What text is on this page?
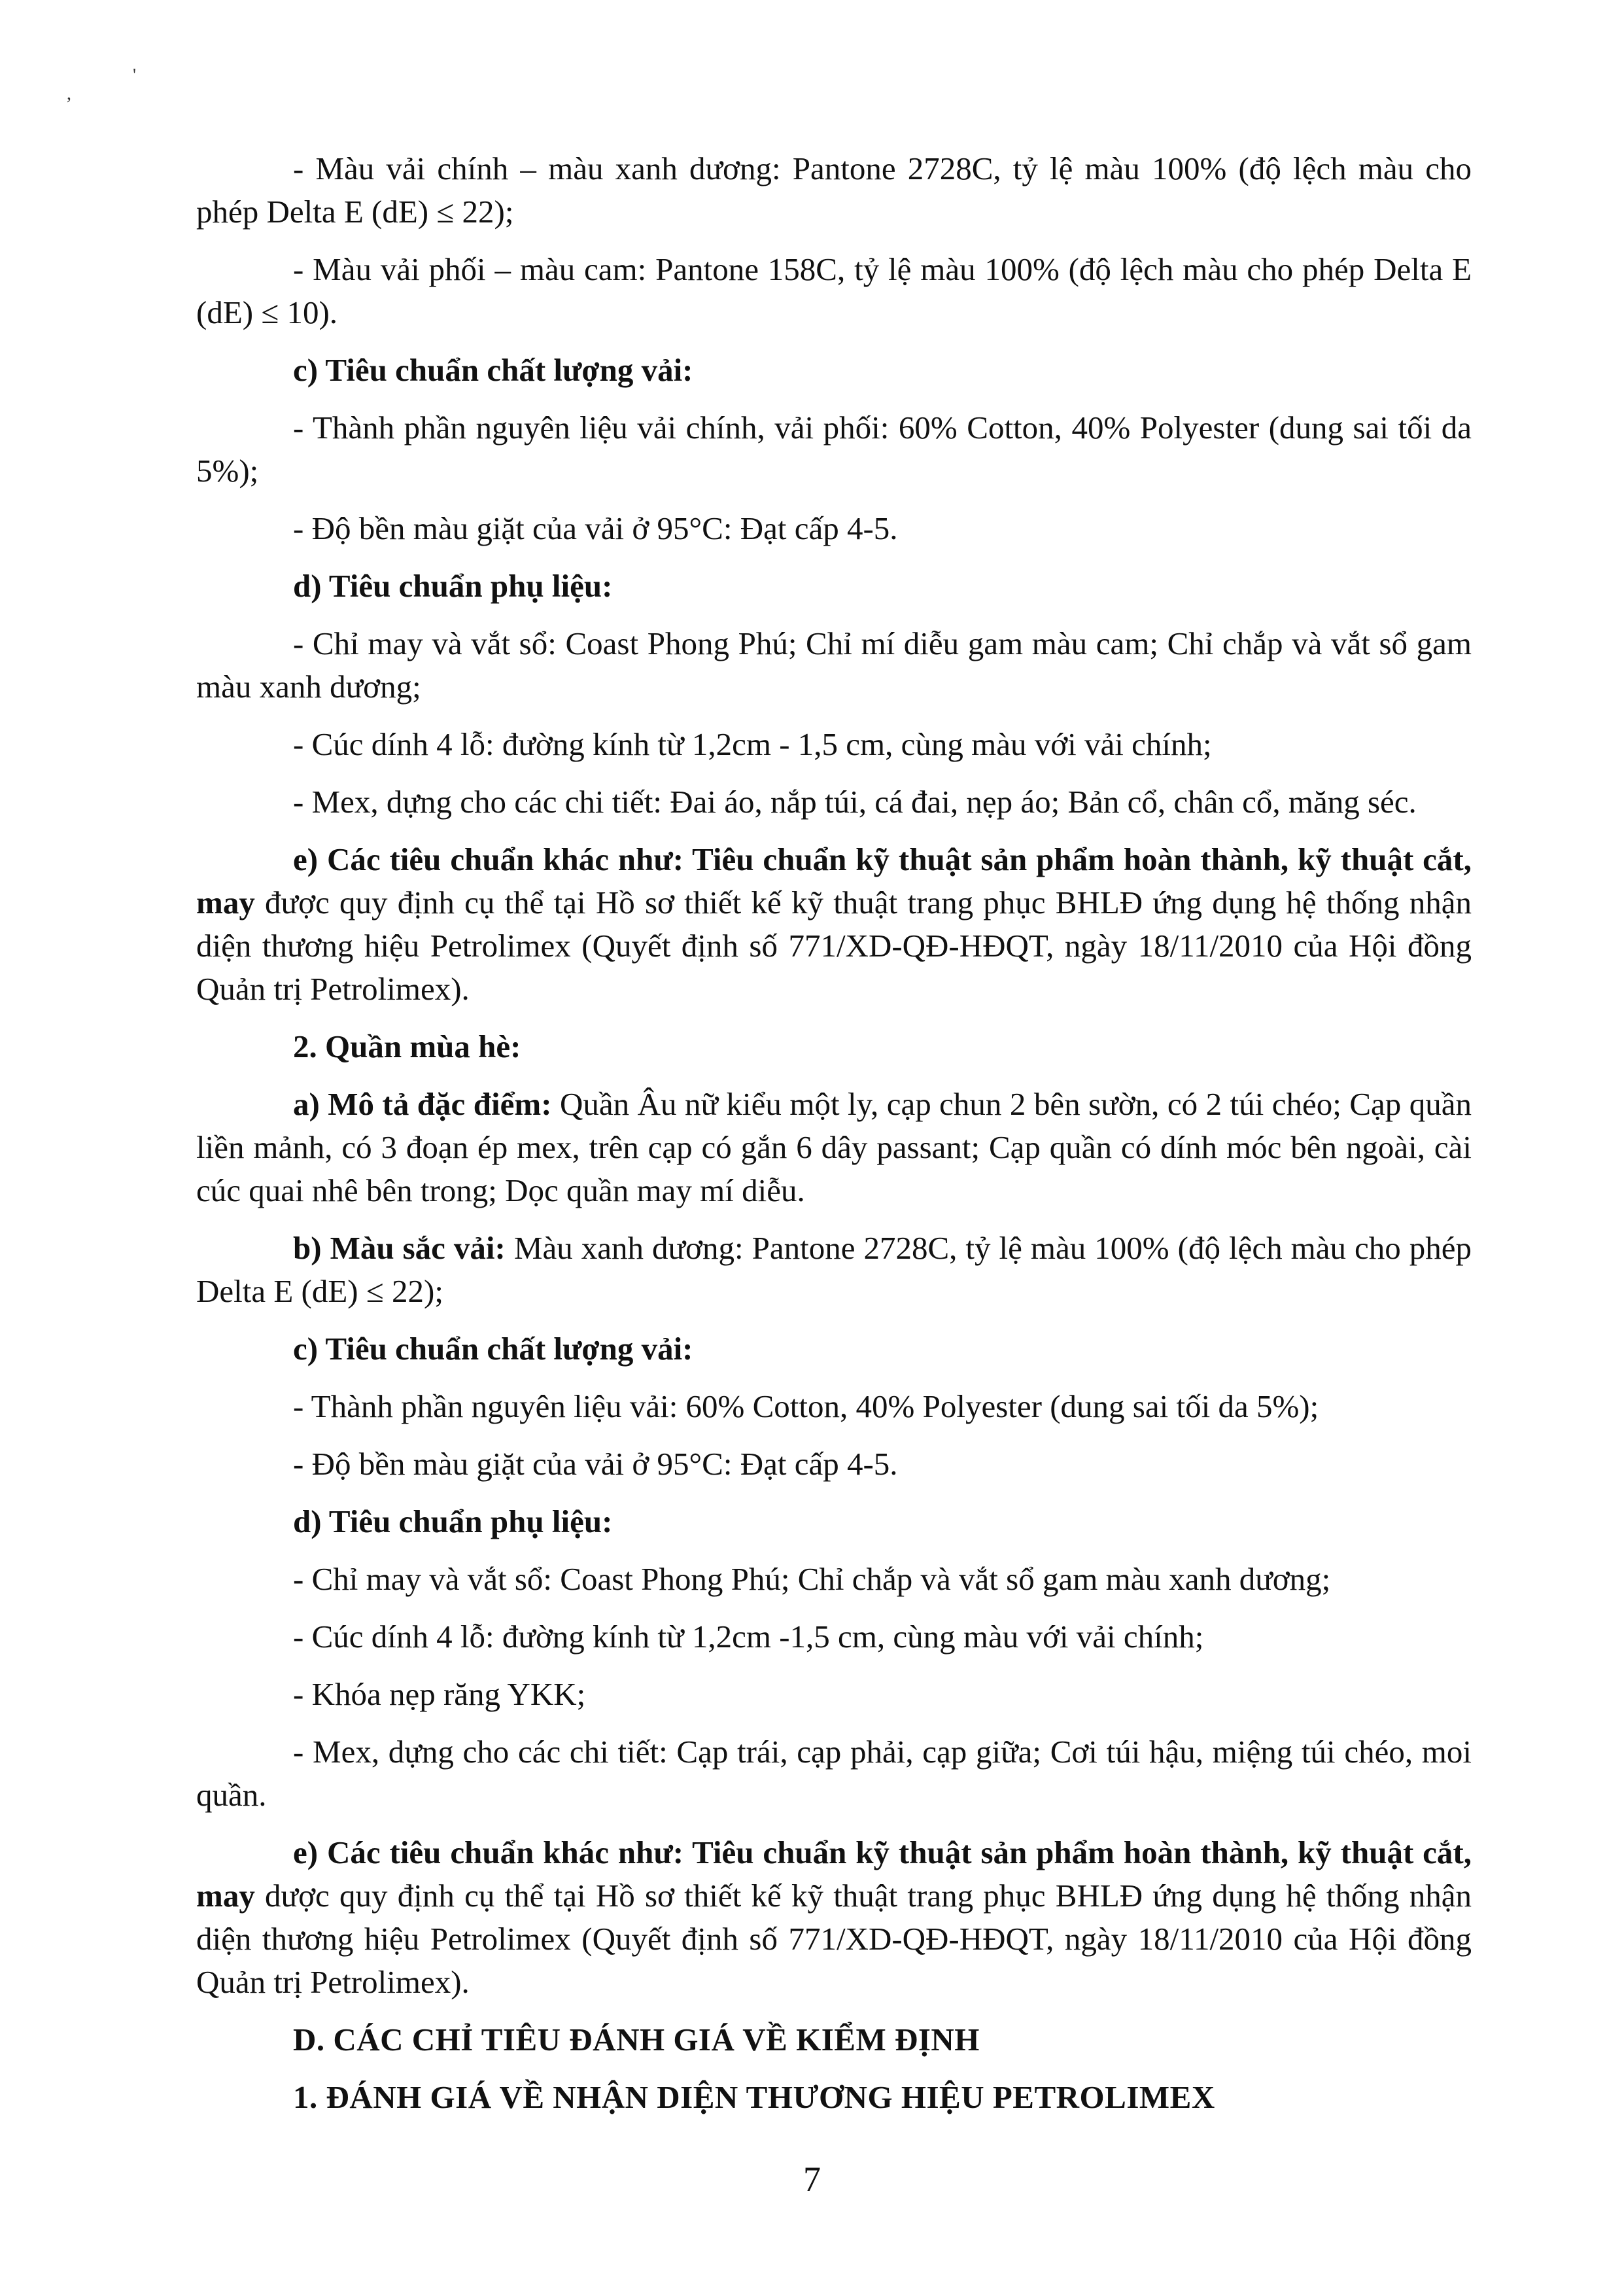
,
'

- Màu vải chính – màu xanh dương: Pantone 2728C, tỷ lệ màu 100% (độ lệch màu cho phép Delta E (dE) ≤ 22);

- Màu vải phối – màu cam: Pantone 158C, tỷ lệ màu 100% (độ lệch màu cho phép Delta E (dE) ≤ 10).

c) Tiêu chuẩn chất lượng vải:

- Thành phần nguyên liệu vải chính, vải phối: 60% Cotton, 40% Polyester (dung sai tối da 5%);

- Độ bền màu giặt của vải ở 95°C: Đạt cấp 4-5.

d) Tiêu chuẩn phụ liệu:

- Chỉ may và vắt sổ: Coast Phong Phú; Chỉ mí diễu gam màu cam; Chỉ chắp và vắt sổ gam màu xanh dương;

- Cúc dính 4 lỗ: đường kính từ 1,2cm - 1,5 cm, cùng màu với vải chính;

- Mex, dựng cho các chi tiết: Đai áo, nắp túi, cá đai, nẹp áo; Bản cổ, chân cổ, măng séc.

e) Các tiêu chuẩn khác như: Tiêu chuẩn kỹ thuật sản phẩm hoàn thành, kỹ thuật cắt, may được quy định cụ thể tại Hồ sơ thiết kế kỹ thuật trang phục BHLĐ ứng dụng hệ thống nhận diện thương hiệu Petrolimex (Quyết định số 771/XD-QĐ-HĐQT, ngày 18/11/2010 của Hội đồng Quản trị Petrolimex).

2. Quần mùa hè:

a) Mô tả đặc điểm: Quần Âu nữ kiểu một ly, cạp chun 2 bên sườn, có 2 túi chéo; Cạp quần liền mảnh, có 3 đoạn ép mex, trên cạp có gắn 6 dây passant; Cạp quần có dính móc bên ngoài, cài cúc quai nhê bên trong; Dọc quần may mí diễu.

b) Màu sắc vải: Màu xanh dương: Pantone 2728C, tỷ lệ màu 100% (độ lệch màu cho phép Delta E (dE) ≤ 22);

c) Tiêu chuẩn chất lượng vải:

- Thành phần nguyên liệu vải: 60% Cotton, 40% Polyester (dung sai tối da 5%);

- Độ bền màu giặt của vải ở 95°C: Đạt cấp 4-5.

d) Tiêu chuẩn phụ liệu:

- Chỉ may và vắt sổ: Coast Phong Phú; Chỉ chắp và vắt sổ gam màu xanh dương;

- Cúc dính 4 lỗ: đường kính từ 1,2cm -1,5 cm, cùng màu với vải chính;

- Khóa nẹp răng YKK;

- Mex, dựng cho các chi tiết: Cạp trái, cạp phải, cạp giữa; Cơi túi hậu, miệng túi chéo, moi quần.

e) Các tiêu chuẩn khác như: Tiêu chuẩn kỹ thuật sản phẩm hoàn thành, kỹ thuật cắt, may dược quy định cụ thể tại Hồ sơ thiết kế kỹ thuật trang phục BHLĐ ứng dụng hệ thống nhận diện thương hiệu Petrolimex (Quyết định số 771/XD-QĐ-HĐQT, ngày 18/11/2010 của Hội đồng Quản trị Petrolimex).

D. CÁC CHỈ TIÊU ĐÁNH GIÁ VỀ KIỂM ĐỊNH

1. ĐÁNH GIÁ VỀ NHẬN DIỆN THƯƠNG HIỆU PETROLIMEX

7
